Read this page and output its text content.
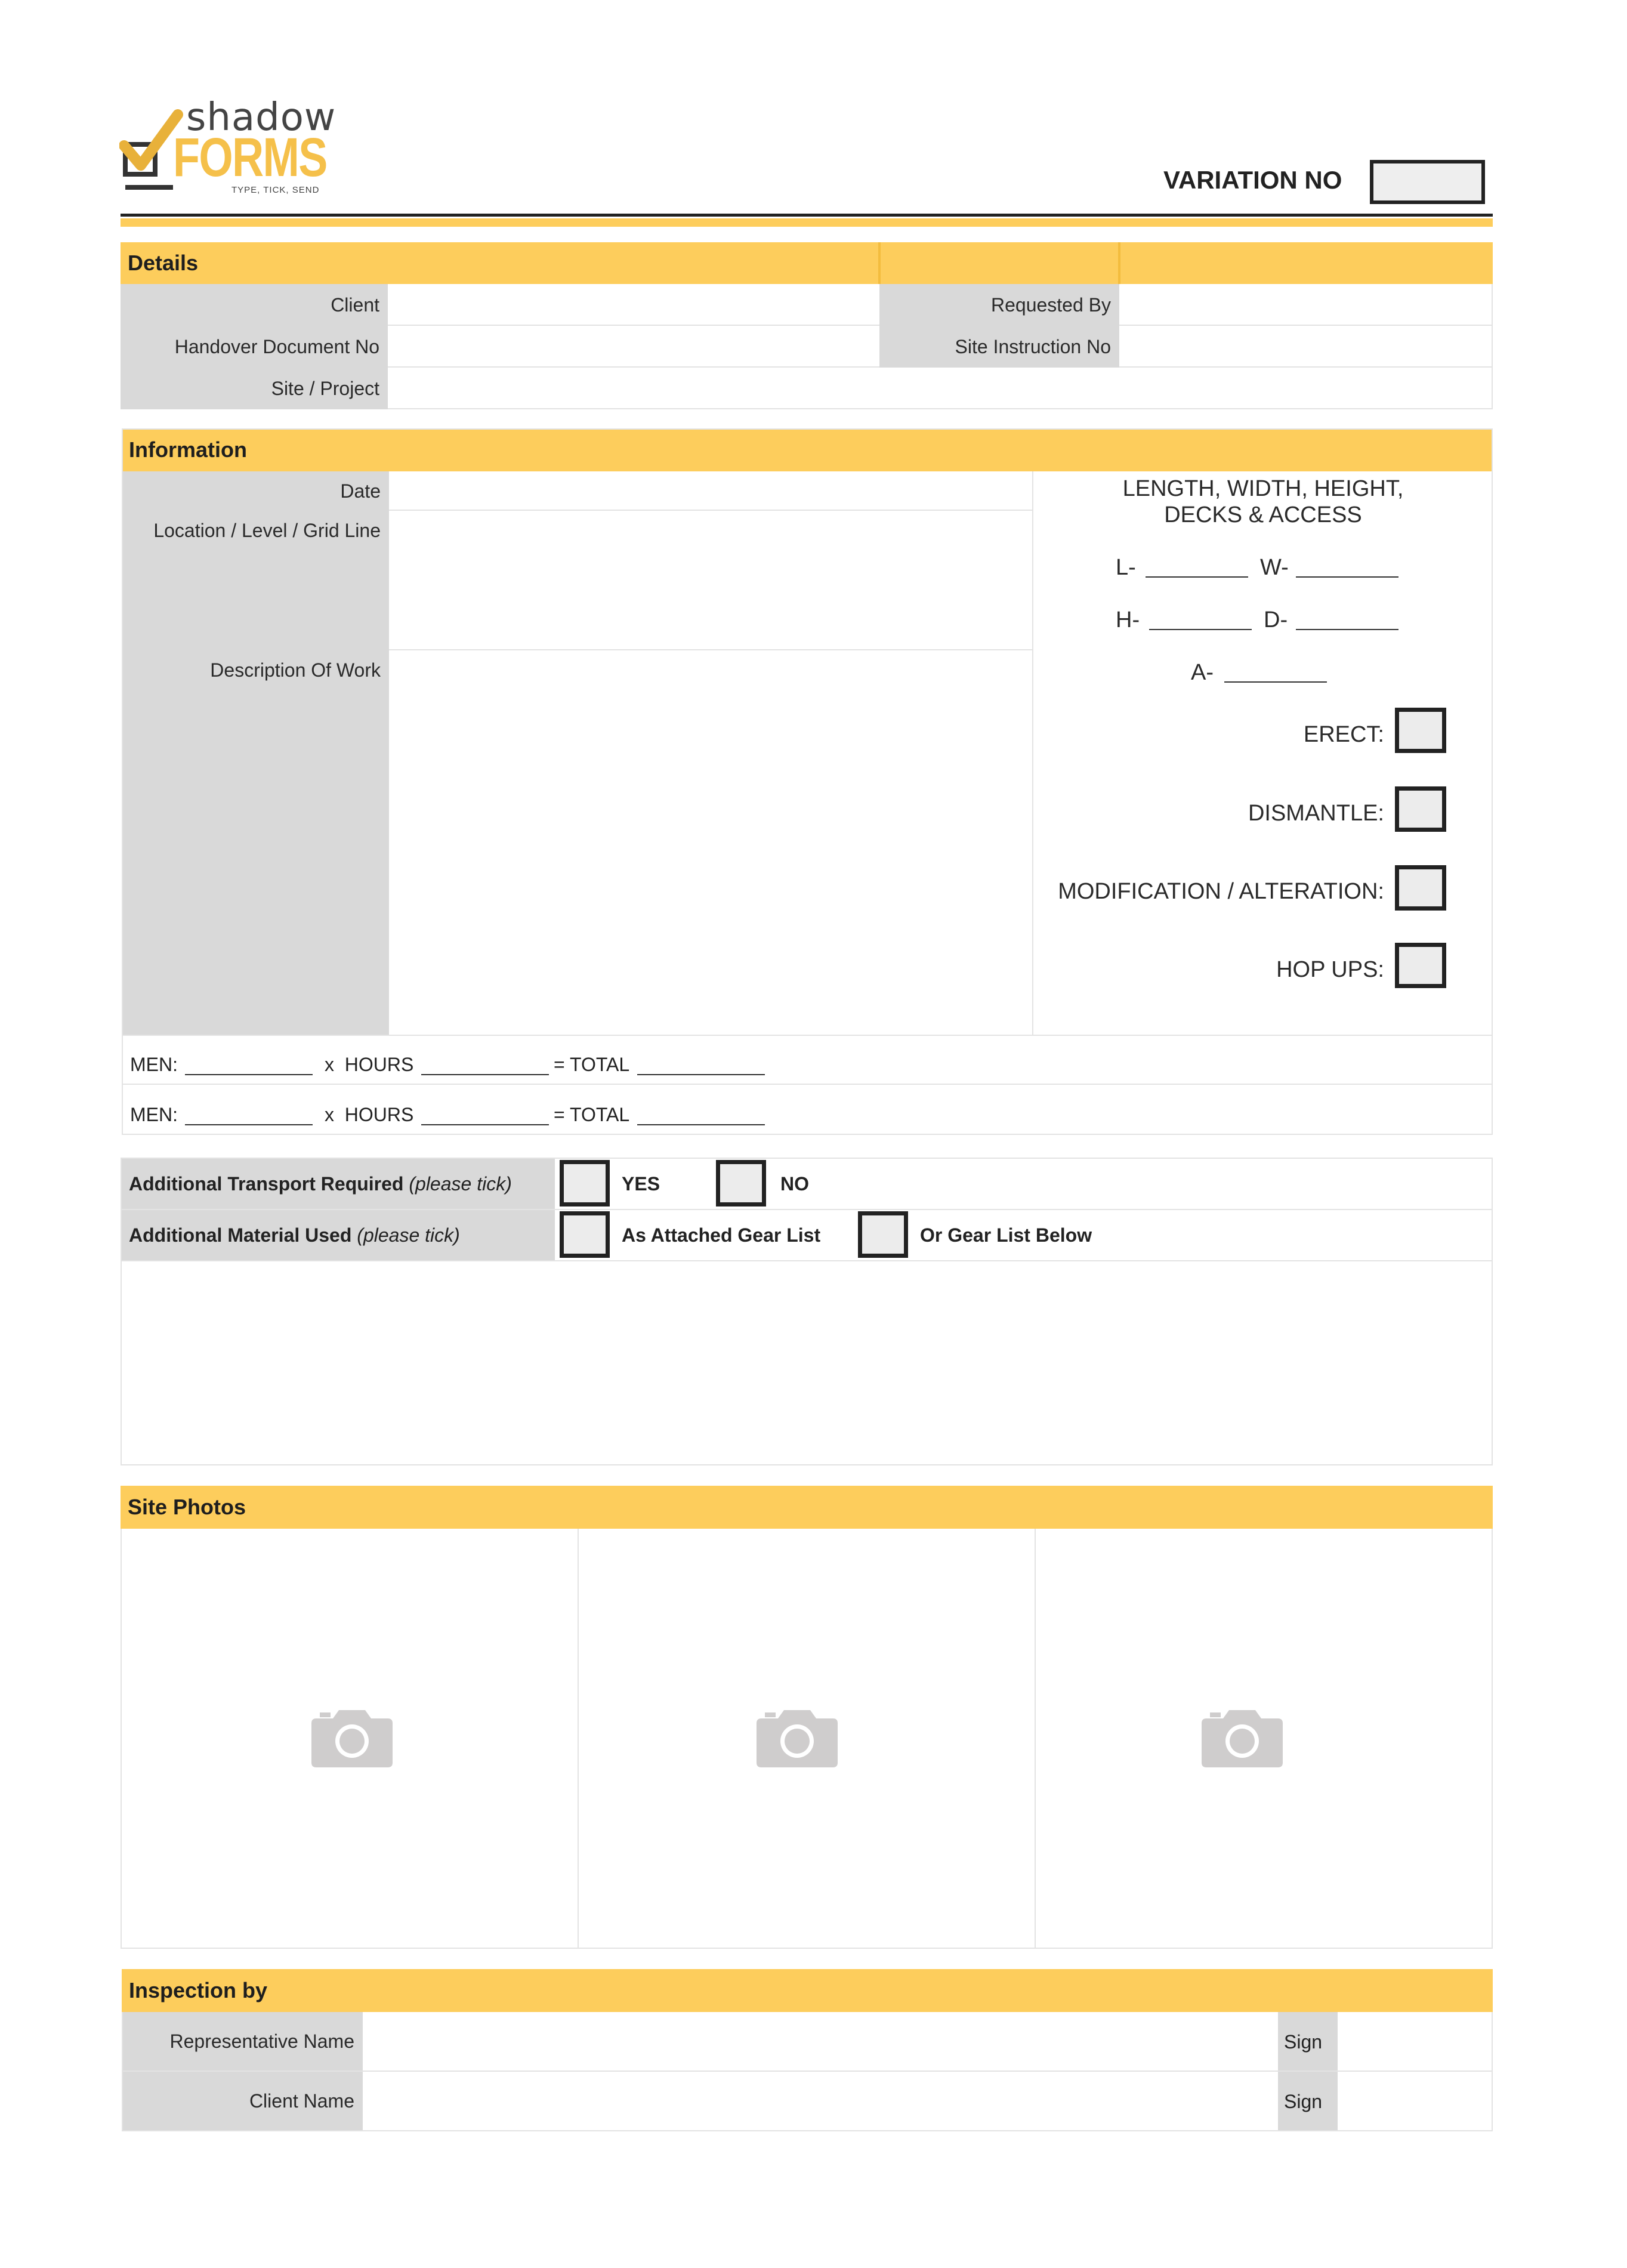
shadow
FORMS
TYPE, TICK, SEND	VARIATION NO
Details
Client	Requested By
Handover Document No	Site Instruction No
Site / Project
Information
Date
Location / Level / Grid Line
Description Of Work
LENGTH, WIDTH, HEIGHT,
DECKS & ACCESS
L-	W-
H-	D-
A-
ERECT:
DISMANTLE:
MODIFICATION / ALTERATION:
HOP UPS:
MEN:	x  HOURS	= TOTAL
MEN:	x  HOURS	= TOTAL
Additional Transport Required (please tick)	YES	NO
Additional Material Used (please tick)	As Attached Gear List	Or Gear List Below
Site Photos
Inspection by
Representative Name	Sign
Client Name	Sign
